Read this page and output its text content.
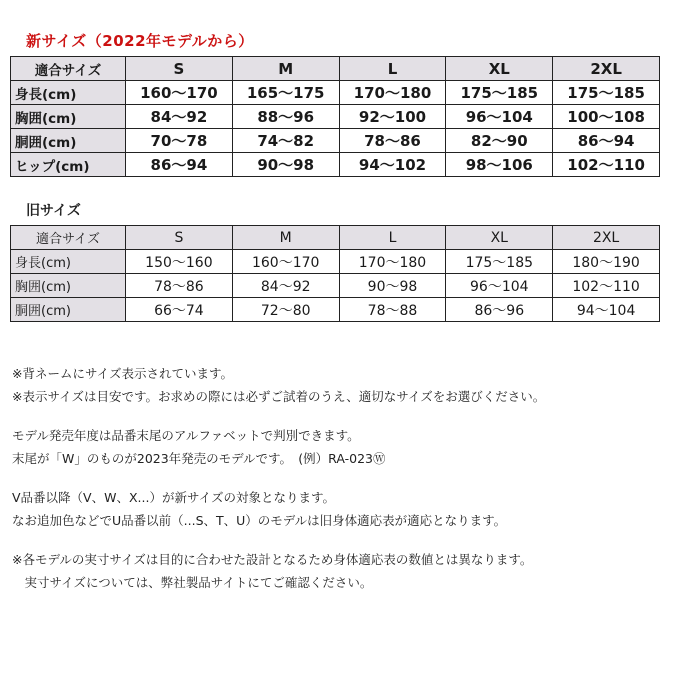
新サイズ（2022年モデルから）
適合サイズ	S	M	L	XL	2XL
身長(cm)	160〜170	165〜175	170〜180	175〜185	175〜185
胸囲(cm)	84〜92	88〜96	92〜100	96〜104	100〜108
胴囲(cm)	70〜78	74〜82	78〜86	82〜90	86〜94
ヒップ(cm)	86〜94	90〜98	94〜102	98〜106	102〜110
旧サイズ
適合サイズ	S	M	L	XL	2XL
身長(cm)	150〜160	160〜170	170〜180	175〜185	180〜190
胸囲(cm)	78〜86	84〜92	90〜98	96〜104	102〜110
胴囲(cm)	66〜74	72〜80	78〜88	86〜96	94〜104

※背ネームにサイズ表示されています。

※表示サイズは目安です。お求めの際には必ずご試着のうえ、適切なサイズをお選びください。

モデル発売年度は品番末尾のアルファベットで判別できます。

末尾が「W」のものが2023年発売のモデルです。　(例）RA-023Ⓦ

V品番以降（V、W、X...）が新サイズの対象となります。

なお追加色などでU品番以前（...S、T、U）のモデルは旧身体適応表が適応となります。

※各モデルの実寸サイズは目的に合わせた設計となるため身体適応表の数値とは異なります。

　実寸サイズについては、弊社製品サイトにてご確認ください。
